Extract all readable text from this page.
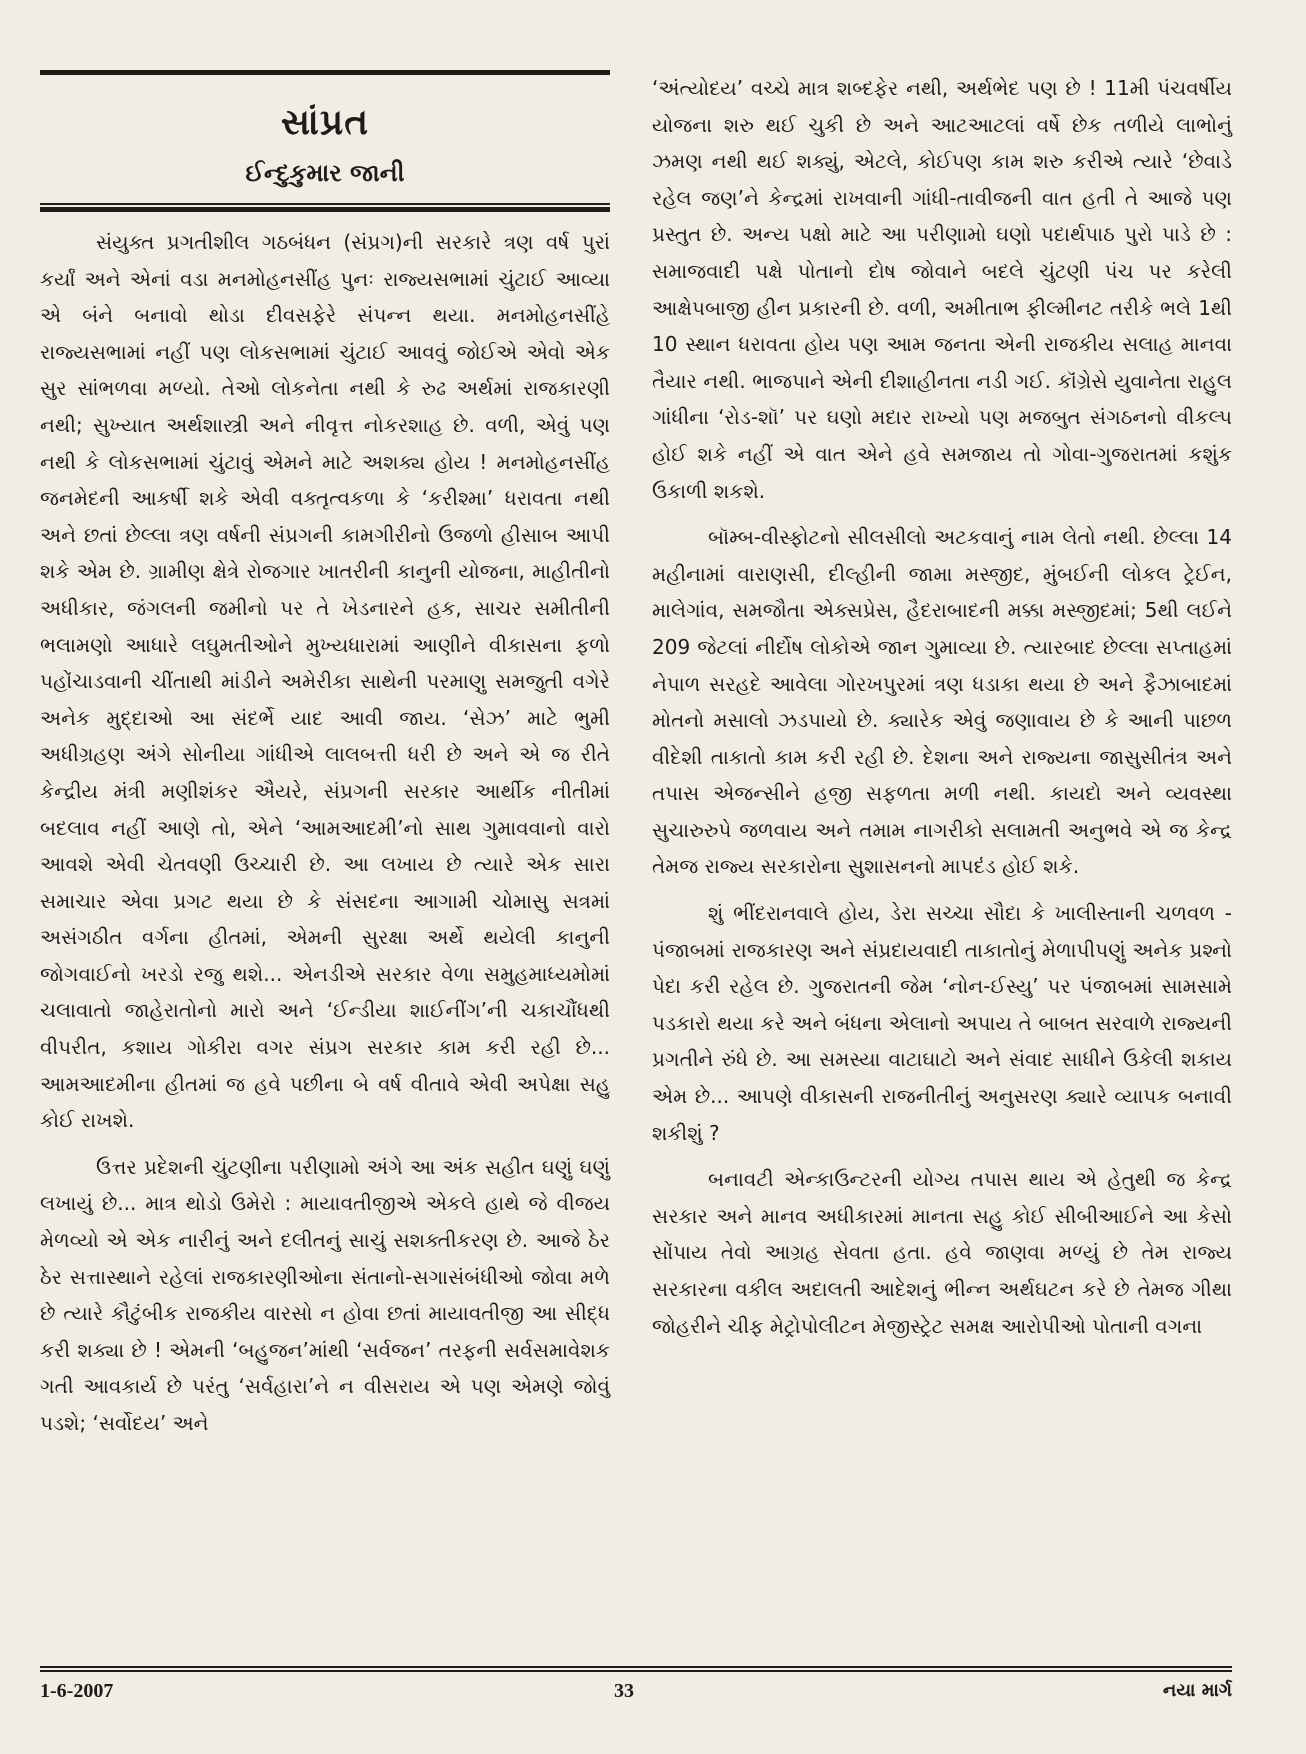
સાંપ્રત
ઈન્દુકુમાર જાની

સંયુક્ત પ્રગતીશીલ ગઠબંધન (સંપ્રગ)ની સરકારે ત્રણ વર્ષ પુરાં કર્યાં અને એનાં વડા મનમોહનસીંહ પુનઃ રાજ્યસભામાં ચુંટાઈ આવ્યા એ બંને બનાવો થોડા દીવસફેરે સંપન્ન થયા. મનમોહનસીંહે રાજ્યસભામાં નહીં પણ લોકસભામાં ચુંટાઈ આવવું જોઈએ એવો એક સુર સાંભળવા મળ્યો. તેઓ લોકનેતા નથી કે રુઢ અર્થમાં રાજકારણી નથી; સુખ્યાત અર્થશાસ્ત્રી અને નીવૃત્ત નોકરશાહ છે. વળી, એવું પણ નથી કે લોકસભામાં ચુંટાવું એમને માટે અશક્ય હોય ! મનમોહનસીંહ જનમેદની આકર્ષી શકે એવી વક્તૃત્વકળા કે ‘કરીશ્મા’ ધરાવતા નથી અને છતાં છેલ્લા ત્રણ વર્ષની સંપ્રગની કામગીરીનો ઉજળો હીસાબ આપી શકે એમ છે. ગ્રામીણ ક્ષેત્રે રોજગાર ખાતરીની કાનુની યોજના, માહીતીનો અધીકાર, જંગલની જમીનો પર તે ખેડનારને હક, સાચર સમીતીની ભલામણો આધારે લઘુમતીઓને મુખ્યધારામાં આણીને વીકાસના ફળો પહોંચાડવાની ચીંતાથી માંડીને અમેરીકા સાથેની પરમાણુ સમજુતી વગેરે અનેક મુદ્દાઓ આ સંદર્ભે યાદ આવી જાય. ‘સેઝ’ માટે ભુમી અધીગ્રહણ અંગે સોનીયા ગાંધીએ લાલબત્તી ધરી છે અને એ જ રીતે કેન્દ્રીય મંત્રી મણીશંકર ઐયરે, સંપ્રગની સરકાર આર્થીક નીતીમાં બદલાવ નહીં આણે તો, એને ‘આમઆદમી’નો સાથ ગુમાવવાનો વારો આવશે એવી ચેતવણી ઉચ્ચારી છે. આ લખાય છે ત્યારે એક સારા સમાચાર એવા પ્રગટ થયા છે કે સંસદના આગામી ચોમાસુ સત્રમાં અસંગઠીત વર્ગના હીતમાં, એમની સુરક્ષા અર્થે થયેલી કાનુની જોગવાઈનો ખરડો રજુ થશે... એનડીએ સરકાર વેળા સમુહમાધ્યમોમાં ચલાવાતો જાહેરાતોનો મારો અને ‘ઈન્ડીયા શાઈનીંગ’ની ચકાચૌંધથી વીપરીત, કશાય ગોકીરા વગર સંપ્રગ સરકાર કામ કરી રહી છે... આમઆદમીના હીતમાં જ હવે પછીના બે વર્ષ વીતાવે એવી અપેક્ષા સહુ કોઈ રાખશે.

ઉત્તર પ્રદેશની ચુંટણીના પરીણામો અંગે આ અંક સહીત ઘણું ઘણું લખાયું છે... માત્ર થોડો ઉમેરો : માયાવતીજીએ એકલે હાથે જે વીજય મેળવ્યો એ એક નારીનું અને દલીતનું સાચું સશક્તીકરણ છે. આજે ઠેર ઠેર સત્તાસ્થાને રહેલાં રાજકારણીઓના સંતાનો-સગાસંબંધીઓ જોવા મળે છે ત્યારે કૌટુંબીક રાજકીય વારસો ન હોવા છતાં માયાવતીજી આ સીદ્ધ કરી શક્યા છે ! એમની ‘બહુજન’માંથી ‘સર્વજન’ તરફની સર્વસમાવેશક ગતી આવકાર્ય છે પરંતુ ‘સર્વહારા’ને ન વીસરાય એ પણ એમણે જોવું પડશે; ‘સર્વોદય’ અને

‘અંત્યોદય’ વચ્ચે માત્ર શબ્દફેર નથી, અર્થભેદ પણ છે ! 11મી પંચવર્ષીય યોજના શરુ થઈ ચુકી છે અને આટઆટલાં વર્ષે છેક તળીયે લાભોનું ઝમણ નથી થઈ શક્યું, એટલે, કોઈપણ કામ શરુ કરીએ ત્યારે ‘છેવાડે રહેલ જણ’ને કેન્દ્રમાં રાખવાની ગાંધી-તાવીજની વાત હતી તે આજે પણ પ્રસ્તુત છે. અન્ય પક્ષો માટે આ પરીણામો ઘણો પદાર્થપાઠ પુરો પાડે છે : સમાજવાદી પક્ષે પોતાનો દોષ જોવાને બદલે ચુંટણી પંચ પર કરેલી આક્ષેપબાજી હીન પ્રકારની છે. વળી, અમીતાભ ફીલ્મીનટ તરીકે ભલે 1થી 10 સ્થાન ધરાવતા હોય પણ આમ જનતા એની રાજકીય સલાહ માનવા તૈયાર નથી. ભાજપાને એની દીશાહીનતા નડી ગઈ. કૉંગ્રેસે યુવાનેતા રાહુલ ગાંધીના ‘રોડ-શૉ’ પર ઘણો મદાર રાખ્યો પણ મજબુત સંગઠનનો વીકલ્પ હોઈ શકે નહીં એ વાત એને હવે સમજાય તો ગોવા-ગુજરાતમાં કશુંક ઉકાળી શકશે.

બૉમ્બ-વીસ્ફોટનો સીલસીલો અટકવાનું નામ લેતો નથી. છેલ્લા 14 મહીનામાં વારાણસી, દીલ્હીની જામા મસ્જીદ, મુંબઈની લોકલ ટ્રેઈન, માલેગાંવ, સમજૌતા એક્સપ્રેસ, હૈદરાબાદની મક્કા મસ્જીદમાં; 5થી લઈને 209 જેટલાં નીર્દોષ લોકોએ જાન ગુમાવ્યા છે. ત્યારબાદ છેલ્લા સપ્તાહમાં નેપાળ સરહદે આવેલા ગોરખપુરમાં ત્રણ ધડાકા થયા છે અને ફૈઝાબાદમાં મોતનો મસાલો ઝડપાયો છે. ક્યારેક એવું જણાવાય છે કે આની પાછળ વીદેશી તાકાતો કામ કરી રહી છે. દેશના અને રાજ્યના જાસુસીતંત્ર અને તપાસ એજન્સીને હજી સફળતા મળી નથી. કાયદો અને વ્યવસ્થા સુચારુરુપે જળવાય અને તમામ નાગરીકો સલામતી અનુભવે એ જ કેન્દ્ર તેમજ રાજ્ય સરકારોના સુશાસનનો માપદંડ હોઈ શકે.

શું ભીંદરાનવાલે હોય, ડેરા સચ્ચા સૌદા કે ખાલીસ્તાની ચળવળ - પંજાબમાં રાજકારણ અને સંપ્રદાયવાદી તાકાતોનું મેળાપીપણું અનેક પ્રશ્નો પેદા કરી રહેલ છે. ગુજરાતની જેમ ‘નોન-ઈસ્યુ’ પર પંજાબમાં સામસામે પડકારો થયા કરે અને બંધના એલાનો અપાય તે બાબત સરવાળે રાજ્યની પ્રગતીને રુંધે છે. આ સમસ્યા વાટાઘાટો અને સંવાદ સાધીને ઉકેલી શકાય એમ છે... આપણે વીકાસની રાજનીતીનું અનુસરણ ક્યારે વ્યાપક બનાવી શકીશું ?

બનાવટી એન્કાઉન્ટરની યોગ્ય તપાસ થાય એ હેતુથી જ કેન્દ્ર સરકાર અને માનવ અધીકારમાં માનતા સહુ કોઈ સીબીઆઈને આ કેસો સોંપાય તેવો આગ્રહ સેવતા હતા. હવે જાણવા મળ્યું છે તેમ રાજ્ય સરકારના વકીલ અદાલતી આદેશનું ભીન્ન અર્થઘટન કરે છે તેમજ ગીથા જોહરીને ચીફ મેટ્રોપોલીટન મેજીસ્ટ્રેટ સમક્ષ આરોપીઓ પોતાની વગના

1-6-2007	33	નયા માર્ગ
